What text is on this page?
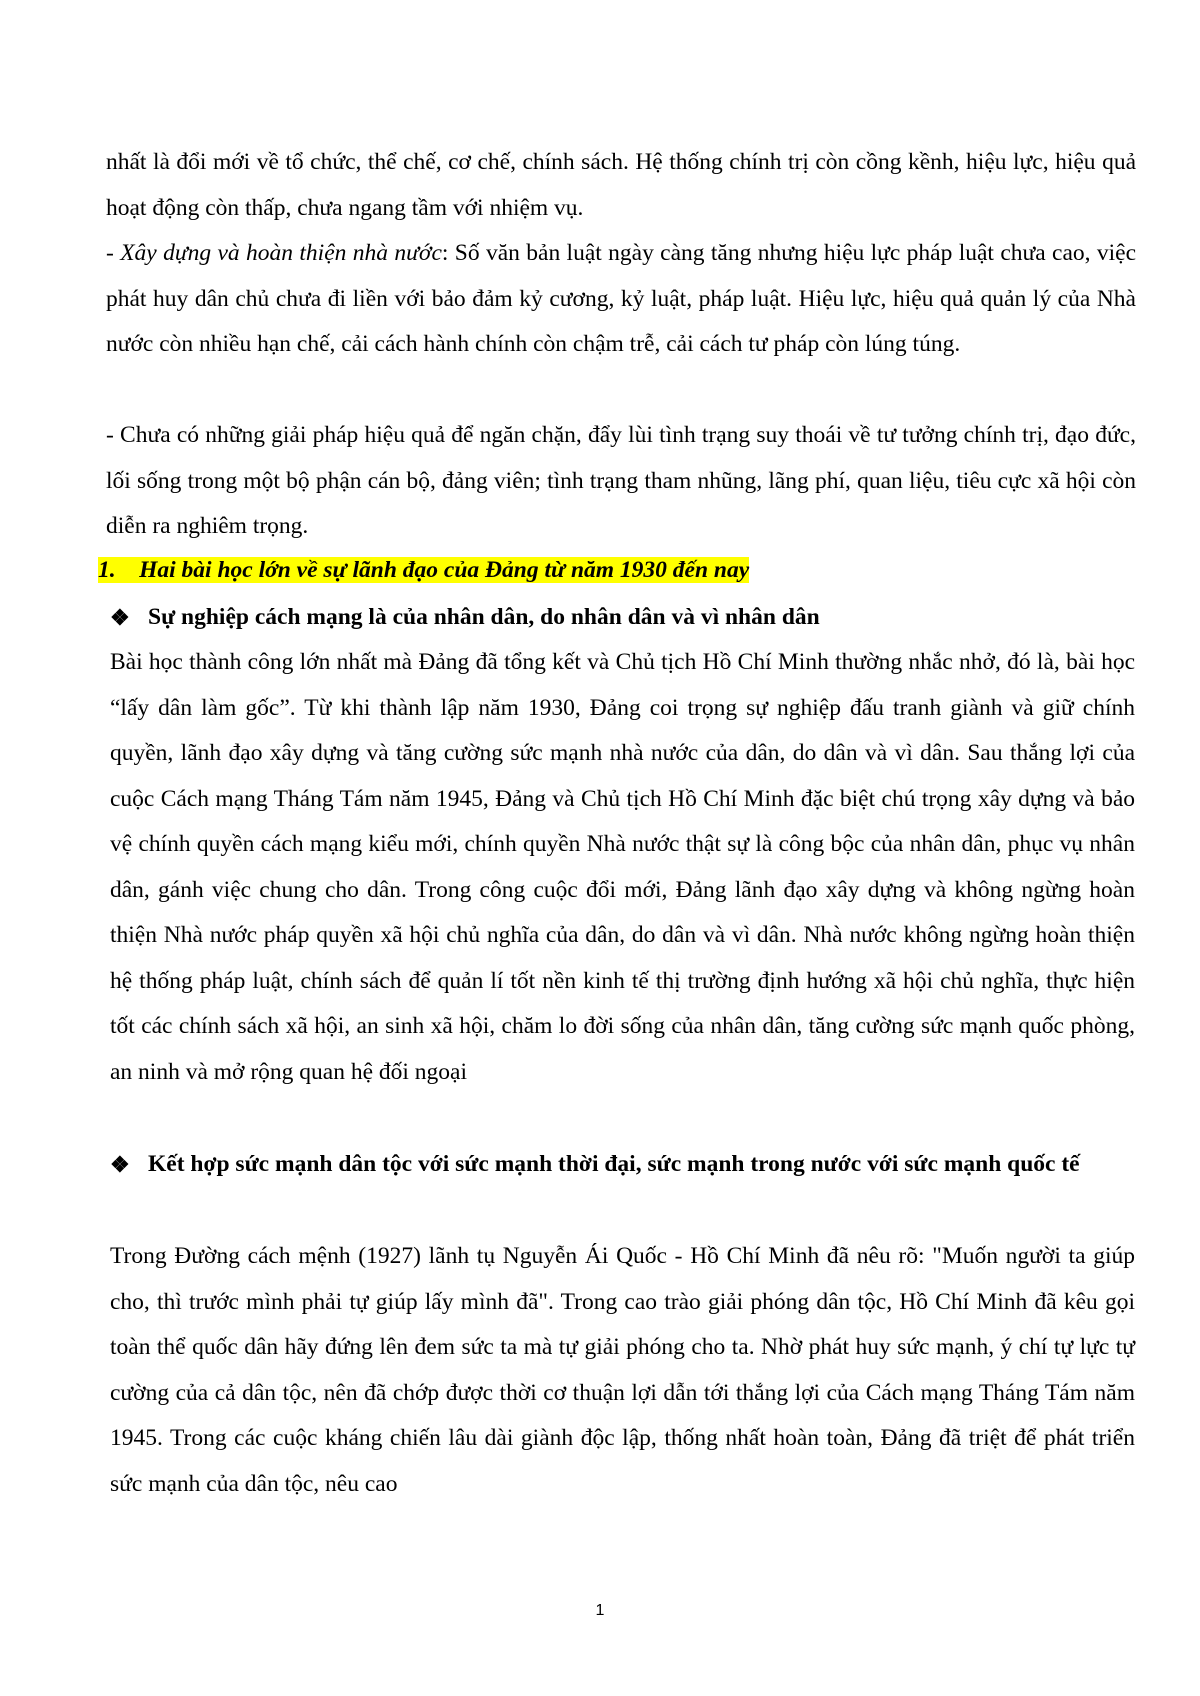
nhất là đổi mới về tổ chức, thể chế, cơ chế, chính sách. Hệ thống chính trị còn cồng kềnh, hiệu lực, hiệu quả hoạt động còn thấp, chưa ngang tầm với nhiệm vụ.

- Xây dựng và hoàn thiện nhà nước: Số văn bản luật ngày càng tăng nhưng hiệu lực pháp luật chưa cao, việc phát huy dân chủ chưa đi liền với bảo đảm kỷ cương, kỷ luật, pháp luật. Hiệu lực, hiệu quả quản lý của Nhà nước còn nhiều hạn chế, cải cách hành chính còn chậm trễ, cải cách tư pháp còn lúng túng.

- Chưa có những giải pháp hiệu quả để ngăn chặn, đẩy lùi tình trạng suy thoái về tư tưởng chính trị, đạo đức, lối sống trong một bộ phận cán bộ, đảng viên; tình trạng tham nhũng, lãng phí, quan liệu, tiêu cực xã hội còn diễn ra nghiêm trọng.

1. Hai bài học lớn về sự lãnh đạo của Đảng từ năm 1930 đến nay

❖ Sự nghiệp cách mạng là của nhân dân, do nhân dân và vì nhân dân

Bài học thành công lớn nhất mà Đảng đã tổng kết và Chủ tịch Hồ Chí Minh thường nhắc nhở, đó là, bài học “lấy dân làm gốc”. Từ khi thành lập năm 1930, Đảng coi trọng sự nghiệp đấu tranh giành và giữ chính quyền, lãnh đạo xây dựng và tăng cường sức mạnh nhà nước của dân, do dân và vì dân. Sau thắng lợi của cuộc Cách mạng Tháng Tám năm 1945, Đảng và Chủ tịch Hồ Chí Minh đặc biệt chú trọng xây dựng và bảo vệ chính quyền cách mạng kiểu mới, chính quyền Nhà nước thật sự là công bộc của nhân dân, phục vụ nhân dân, gánh việc chung cho dân. Trong công cuộc đổi mới, Đảng lãnh đạo xây dựng và không ngừng hoàn thiện Nhà nước pháp quyền xã hội chủ nghĩa của dân, do dân và vì dân. Nhà nước không ngừng hoàn thiện hệ thống pháp luật, chính sách để quản lí tốt nền kinh tế thị trường định hướng xã hội chủ nghĩa, thực hiện tốt các chính sách xã hội, an sinh xã hội, chăm lo đời sống của nhân dân, tăng cường sức mạnh quốc phòng, an ninh và mở rộng quan hệ đối ngoại

❖ Kết hợp sức mạnh dân tộc với sức mạnh thời đại, sức mạnh trong nước với sức mạnh quốc tế

Trong Đường cách mệnh (1927) lãnh tụ Nguyễn Ái Quốc - Hồ Chí Minh đã nêu rõ: "Muốn người ta giúp cho, thì trước mình phải tự giúp lấy mình đã". Trong cao trào giải phóng dân tộc, Hồ Chí Minh đã kêu gọi toàn thể quốc dân hãy đứng lên đem sức ta mà tự giải phóng cho ta. Nhờ phát huy sức mạnh, ý chí tự lực tự cường của cả dân tộc, nên đã chớp được thời cơ thuận lợi dẫn tới thắng lợi của Cách mạng Tháng Tám năm 1945. Trong các cuộc kháng chiến lâu dài giành độc lập, thống nhất hoàn toàn, Đảng đã triệt để phát triển sức mạnh của dân tộc, nêu cao

1
